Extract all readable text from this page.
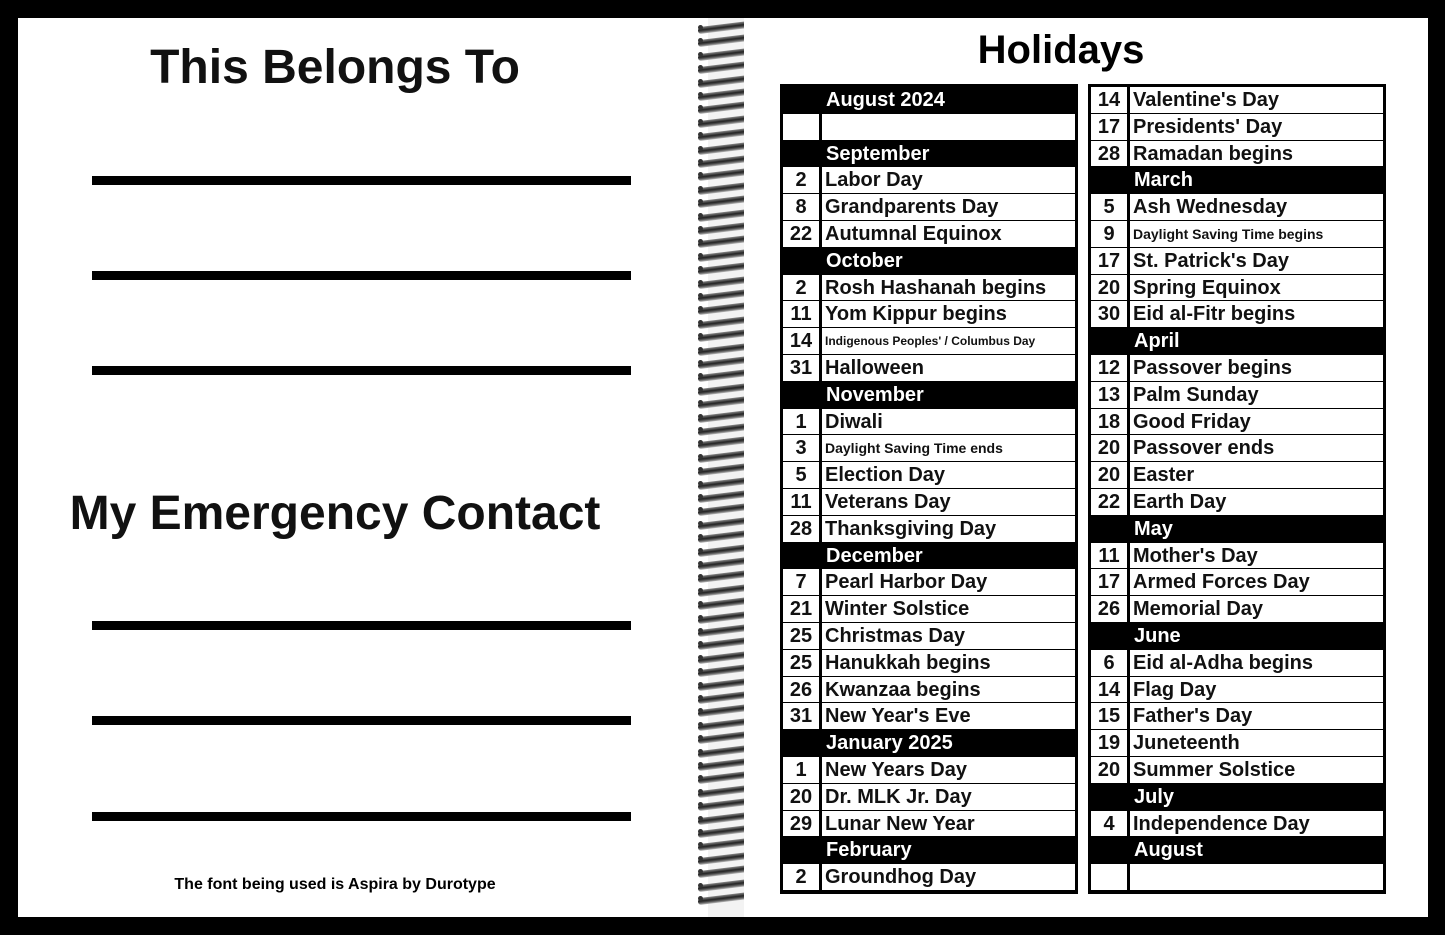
This Belongs To
My Emergency Contact
The font being used is Aspira by Durotype
Holidays
August 2024
September
2 Labor Day
8 Grandparents Day
22 Autumnal Equinox
October
2 Rosh Hashanah begins
11 Yom Kippur begins
14	Indigenous Peoples' / Columbus Day
31 Halloween
November
1 Diwali
3	Daylight Saving Time ends
5 Election Day
11 Veterans Day
28 Thanksgiving Day
December
7 Pearl Harbor Day
21 Winter Solstice
25 Christmas Day
25 Hanukkah begins
26 Kwanzaa begins
31 New Year's Eve
January 2025
1 New Years Day
20 Dr. MLK Jr. Day
29 Lunar New Year
February
2 Groundhog Day
14 Valentine's Day
17 Presidents' Day
28 Ramadan begins
March
5 Ash Wednesday
9	Daylight Saving Time begins
17 St. Patrick's Day
20 Spring Equinox
30 Eid al-Fitr begins
April
12 Passover begins
13 Palm Sunday
18 Good Friday
20 Passover ends
20 Easter
22 Earth Day
May
11 Mother's Day
17 Armed Forces Day
26 Memorial Day
June
6 Eid al-Adha begins
14 Flag Day
15 Father's Day
19 Juneteenth
20 Summer Solstice
July
4 Independence Day
August
